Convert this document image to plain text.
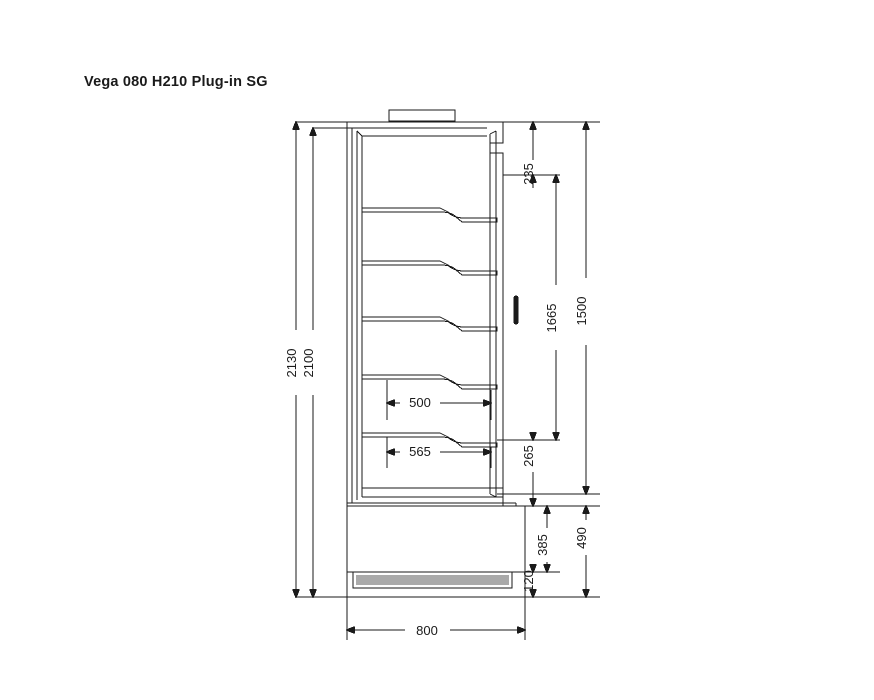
Vega 080 H210 Plug-in SG
2130 2100
235
1665 1500
265
385
120
490
500
565
800
